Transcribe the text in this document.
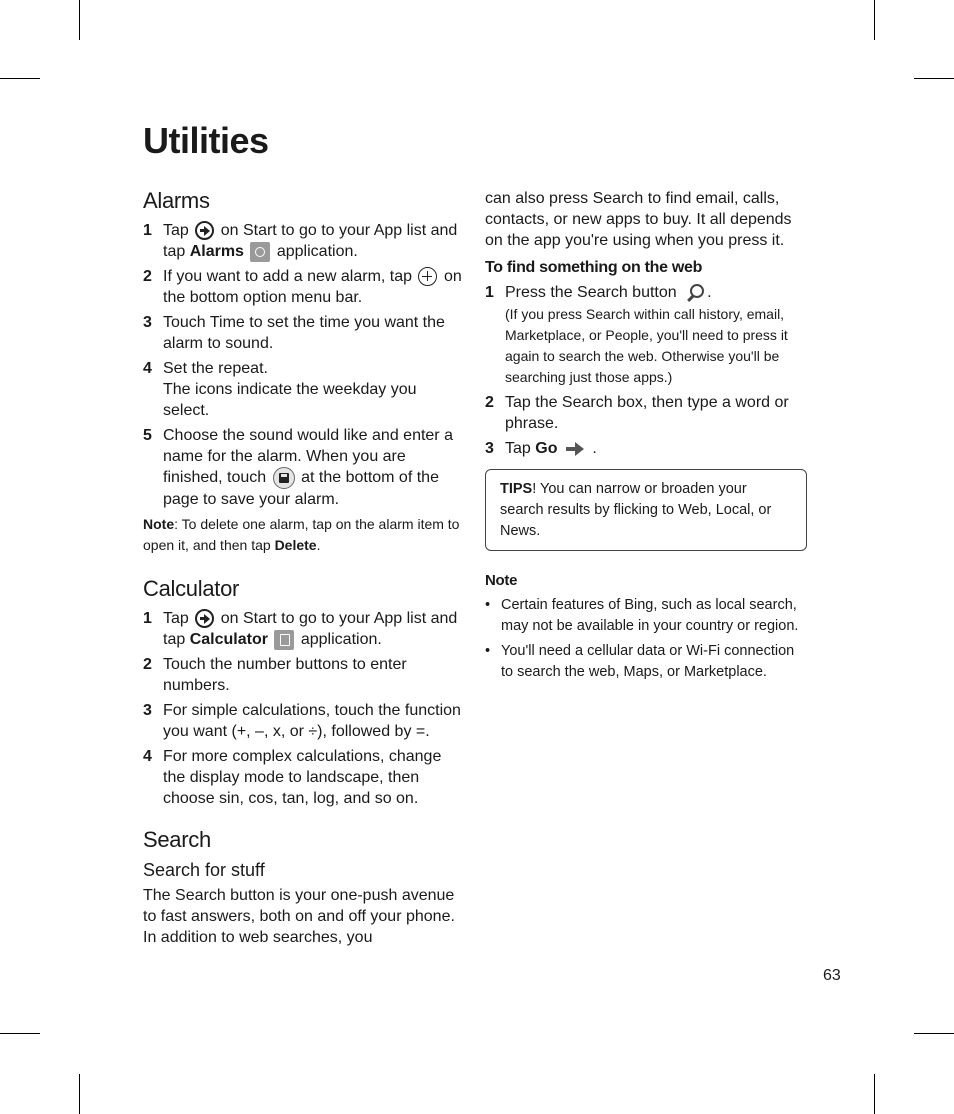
Utilities
Alarms
1 Tap on Start to go to your App list and tap Alarms application.
2 If you want to add a new alarm, tap on the bottom option menu bar.
3 Touch Time to set the time you want the alarm to sound.
4 Set the repeat.
The icons indicate the weekday you select.
5 Choose the sound would like and enter a name for the alarm. When you are finished, touch at the bottom of the page to save your alarm.

Note: To delete one alarm, tap on the alarm item to open it, and then tap Delete.

Calculator
1 Tap on Start to go to your App list and tap Calculator application.
2 Touch the number buttons to enter numbers.
3 For simple calculations, touch the function you want (+, –, x, or ÷), followed by =.
4 For more complex calculations, change the display mode to landscape, then choose sin, cos, tan, log, and so on.
Search
Search for stuff

The Search button is your one-push avenue to fast answers, both on and off your phone. In addition to web searches, you

can also press Search to find email, calls, contacts, or new apps to buy. It all depends on the app you're using when you press it.

To find something on the web
1 Press the Search button .
(If you press Search within call history, email, Marketplace, or People, you'll need to press it again to search the web. Otherwise you'll be searching just those apps.)
2 Tap the Search box, then type a word or phrase.
3 Tap Go .
TIPS! You can narrow or broaden your search results by flicking to Web, Local, or News.
Note
• Certain features of Bing, such as local search, may not be available in your country or region.
• You'll need a cellular data or Wi-Fi connection to search the web, Maps, or Marketplace.
63
